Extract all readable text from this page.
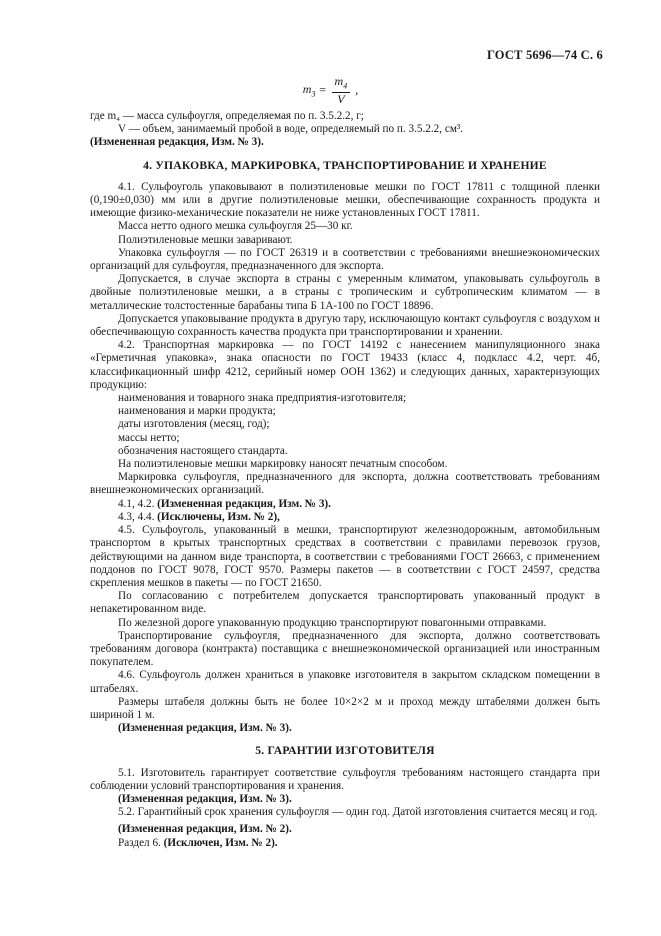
ГОСТ 5696—74 С. 6
$m_3 = \frac{m_4}{V}$ ,

где m₄ — масса сульфоугля, определяемая по п. 3.5.2.2, г;

V — объем, занимаемый пробой в воде, определяемый по п. 3.5.2.2, см³.

(Измененная редакция, Изм. № 3).

4. УПАКОВКА, МАРКИРОВКА, ТРАНСПОРТИРОВАНИЕ И ХРАНЕНИЕ

4.1. Сульфоуголь упаковывают в полиэтиленовые мешки по ГОСТ 17811 с толщиной пленки (0,190±0,030) мм или в другие полиэтиленовые мешки, обеспечивающие сохранность продукта и имеющие физико-механические показатели не ниже установленных ГОСТ 17811.

Масса нетто одного мешка сульфоугля 25—30 кг.

Полиэтиленовые мешки заваривают.

Упаковка сульфоугля — по ГОСТ 26319 и в соответствии с требованиями внешнеэкономических организаций для сульфоугля, предназначенного для экспорта.

Допускается, в случае экспорта в страны с умеренным климатом, упаковывать сульфоуголь в двойные полиэтиленовые мешки, а в страны с тропическим и субтропическим климатом — в металлические толстостенные барабаны типа Б 1А-100 по ГОСТ 18896.

Допускается упаковывание продукта в другую тару, исключающую контакт сульфоугля с воздухом и обеспечивающую сохранность качества продукта при транспортировании и хранении.

4.2. Транспортная маркировка — по ГОСТ 14192 с нанесением манипуляционного знака «Герметичная упаковка», знака опасности по ГОСТ 19433 (класс 4, подкласс 4.2, черт. 4б, классификационный шифр 4212, серийный номер ООН 1362) и следующих данных, характеризующих продукцию:

наименования и товарного знака предприятия-изготовителя;

наименования и марки продукта;

даты изготовления (месяц, год);

массы нетто;

обозначения настоящего стандарта.

На полиэтиленовые мешки маркировку наносят печатным способом.

Маркировка сульфоугля, предназначенного для экспорта, должна соответствовать требованиям внешнеэкономических организаций.

4.1, 4.2. (Измененная редакция, Изм. № 3).

4.3, 4.4. (Исключены, Изм. № 2),

4.5. Сульфоуголь, упакованный в мешки, транспортируют железнодорожным, автомобильным транспортом в крытых транспортных средствах в соответствии с правилами перевозок грузов, действующими на данном виде транспорта, в соответствии с требованиями ГОСТ 26663, с применением поддонов по ГОСТ 9078, ГОСТ 9570. Размеры пакетов — в соответствии с ГОСТ 24597, средства скрепления мешков в пакеты — по ГОСТ 21650.

По согласованию с потребителем допускается транспортировать упакованный продукт в непакетированном виде.

По железной дороге упакованную продукцию транспортируют повагонными отправками.

Транспортирование сульфоугля, предназначенного для экспорта, должно соответствовать требованиям договора (контракта) поставщика с внешнеэкономической организацией или иностранным покупателем.

4.6. Сульфоуголь должен храниться в упаковке изготовителя в закрытом складском помещении в штабелях.

Размеры штабеля должны быть не более 10×2×2 м и проход между штабелями должен быть шириной 1 м.

(Измененная редакция, Изм. № 3).

5. ГАРАНТИИ ИЗГОТОВИТЕЛЯ

5.1. Изготовитель гарантирует соответствие сульфоугля требованиям настоящего стандарта при соблюдении условий транспортирования и хранения.

(Измененная редакция, Изм. № 3).

5.2. Гарантийный срок хранения сульфоугля — один год. Датой изготовления считается месяц и год.

(Измененная редакция, Изм. № 2).

Раздел 6. (Исключен, Изм. № 2).
